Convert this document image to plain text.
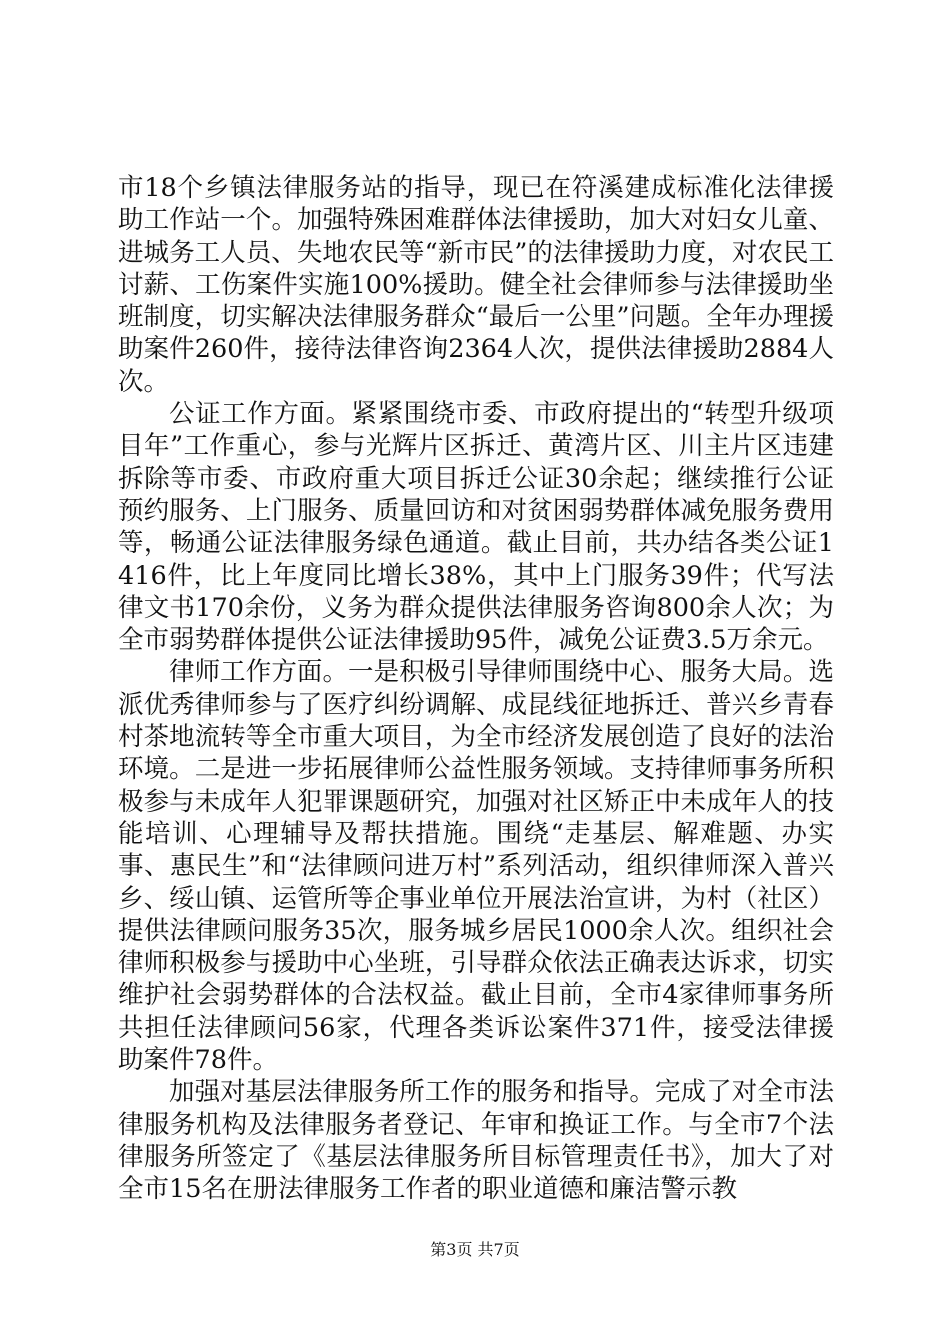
市18个乡镇法律服务站的指导，现已在符溪建成标准化法律援助工作站一个。加强特殊困难群体法律援助，加大对妇女儿童、进城务工人员、失地农民等“新市民”的法律援助力度，对农民工讨薪、工伤案件实施100%援助。健全社会律师参与法律援助坐班制度，切实解决法律服务群众“最后一公里”问题。全年办理援助案件260件，接待法律咨询2364人次，提供法律援助2884人次。

公证工作方面。紧紧围绕市委、市政府提出的“转型升级项目年”工作重心，参与光辉片区拆迁、黄湾片区、川主片区违建拆除等市委、市政府重大项目拆迁公证30余起；继续推行公证预约服务、上门服务、质量回访和对贫困弱势群体减免服务费用等，畅通公证法律服务绿色通道。截止目前，共办结各类公证1416件，比上年度同比增长38%，其中上门服务39件；代写法律文书170余份，义务为群众提供法律服务咨询800余人次；为全市弱势群体提供公证法律援助95件，减免公证费3.5万余元。

律师工作方面。一是积极引导律师围绕中心、服务大局。选派优秀律师参与了医疗纠纷调解、成昆线征地拆迁、普兴乡青春村茶地流转等全市重大项目，为全市经济发展创造了良好的法治环境。二是进一步拓展律师公益性服务领域。支持律师事务所积极参与未成年人犯罪课题研究，加强对社区矫正中未成年人的技能培训、心理辅导及帮扶措施。围绕“走基层、解难题、办实事、惠民生”和“法律顾问进万村”系列活动，组织律师深入普兴乡、绥山镇、运管所等企事业单位开展法治宣讲，为村（社区）提供法律顾问服务35次，服务城乡居民1000余人次。组织社会律师积极参与援助中心坐班，引导群众依法正确表达诉求，切实维护社会弱势群体的合法权益。截止目前，全市4家律师事务所共担任法律顾问56家，代理各类诉讼案件371件，接受法律援助案件78件。

加强对基层法律服务所工作的服务和指导。完成了对全市法律服务机构及法律服务者登记、年审和换证工作。与全市7个法律服务所签定了《基层法律服务所目标管理责任书》，加大了对全市15名在册法律服务工作者的职业道德和廉洁警示教

第3页 共7页
